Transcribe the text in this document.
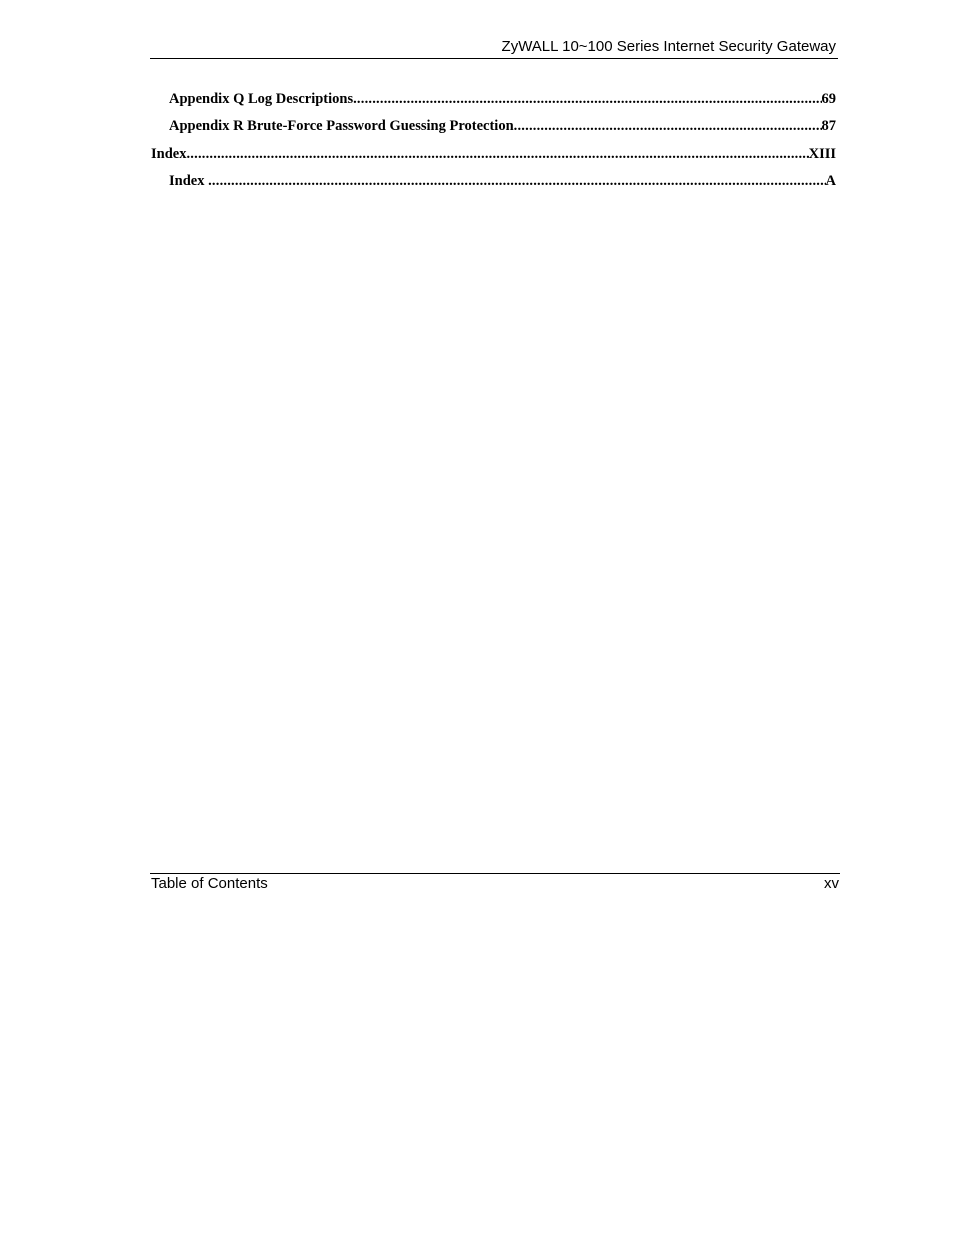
ZyWALL 10~100 Series Internet Security Gateway
Appendix Q Log Descriptions .....	69
Appendix R Brute-Force Password Guessing Protection .....	87
Index .....	XIII
Index .....	A
Table of Contents	xv
